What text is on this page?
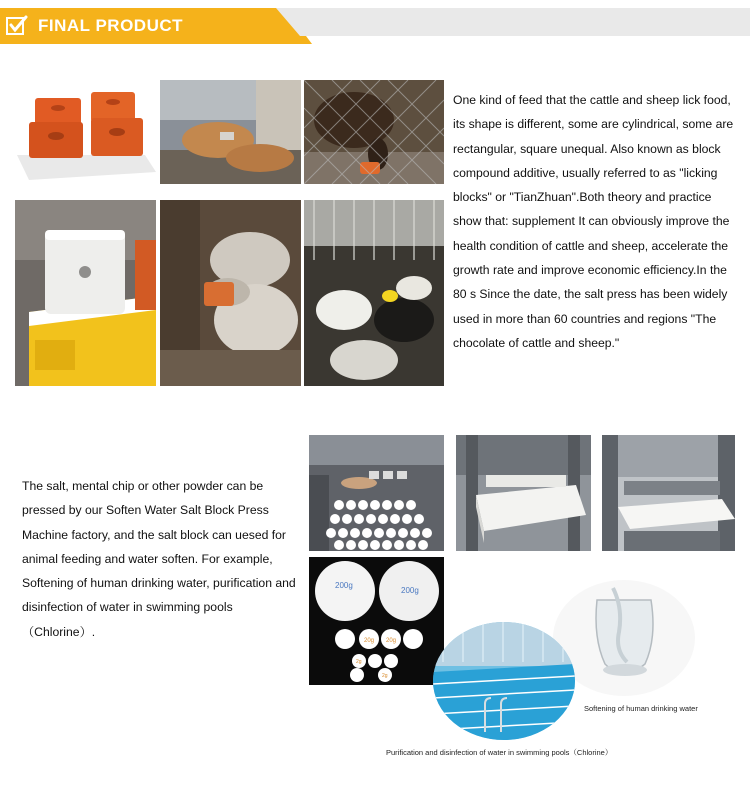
FINAL PRODUCT
One kind of feed that the cattle and sheep lick food, its shape is different, some are cylindrical, some are rectangular, square unequal. Also known as block compound additive, usually referred to as "licking blocks" or "TianZhuan".Both theory and practice show that: supplement It can obviously improve the health condition of cattle and sheep, accelerate the growth rate and improve economic efficiency.In the 80 s Since the date, the salt press has been widely used in more than 60 countries and regions "The chocolate of cattle and sheep."
The salt, mental chip or other powder can be pressed by our Soften Water Salt Block Press Machine factory, and the salt block can uesed for animal feeding and water soften. For example, Softening of human drinking water, purification and disinfection of water in swimming pools （Chlorine）.
200g
200g
20g 20g
2g
2g
Softening of human drinking water
Purification and disinfection of water in swimming pools（Chlorine）
